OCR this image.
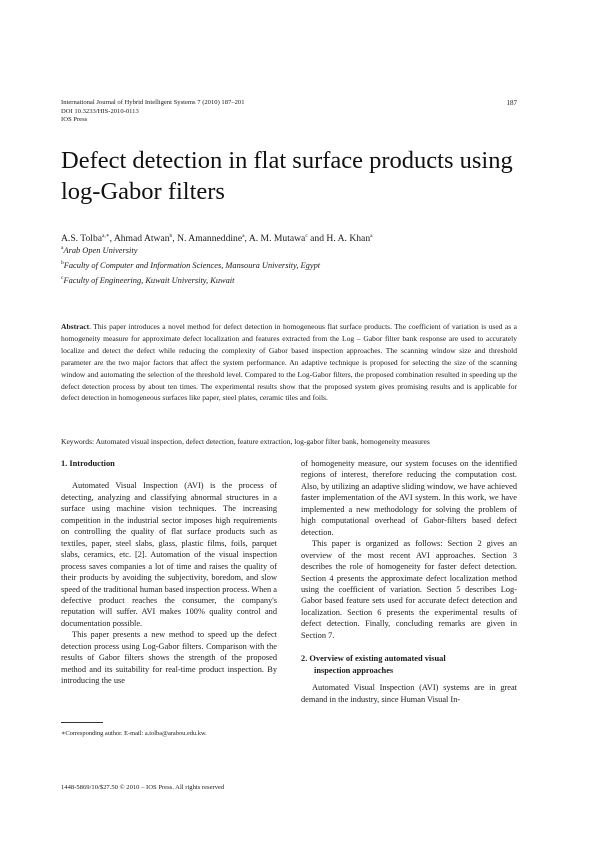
International Journal of Hybrid Intelligent Systems 7 (2010) 187–201
DOI 10.3233/HIS-2010-0113
IOS Press
187
Defect detection in flat surface products using log-Gabor filters
A.S. Tolba$^{a,∗}$, Ahmad Atwan$^b$, N. Amanneddine$^a$, A. M. Mutawa$^c$ and H. A. Khan$^a$
$^a$Arab Open University
$^b$Faculty of Computer and Information Sciences, Mansoura University, Egypt
$^c$Faculty of Engineering, Kuwait University, Kuwait
Abstract. This paper introduces a novel method for defect detection in homogeneous flat surface products. The coefficient of variation is used as a homogeneity measure for approximate defect localization and features extracted from the Log – Gabor filter bank response are used to accurately localize and detect the defect while reducing the complexity of Gabor based inspection approaches. The scanning window size and threshold parameter are the two major factors that affect the system performance. An adaptive technique is proposed for selecting the size of the scanning window and automating the selection of the threshold level. Compared to the Log-Gabor filters, the proposed combination resulted in speeding up the defect detection process by about ten times. The experimental results show that the proposed system gives promising results and is applicable for defect detection in homogeneous surfaces like paper, steel plates, ceramic tiles and foils.
Keywords: Automated visual inspection, defect detection, feature extraction, log-gabor filter bank, homogeneity measures
1. Introduction

Automated Visual Inspection (AVI) is the process of detecting, analyzing and classifying abnormal structures in a surface using machine vision techniques. The increasing competition in the industrial sector imposes high requirements on controlling the quality of flat surface products such as textiles, paper, steel slabs, glass, plastic films, foils, parquet slabs, ceramics, etc. [2]. Automation of the visual inspection process saves companies a lot of time and raises the quality of their products by avoiding the subjectivity, boredom, and slow speed of the traditional human based inspection process. When a defective product reaches the consumer, the company's reputation will suffer. AVI makes 100% quality control and documentation possible.

This paper presents a new method to speed up the defect detection process using Log-Gabor filters. Comparison with the results of Gabor filters shows the strength of the proposed method and its suitability for real-time product inspection. By introducing the use

of homogeneity measure, our system focuses on the identified regions of interest, therefore reducing the computation cost. Also, by utilizing an adaptive sliding window, we have achieved faster implementation of the AVI system. In this work, we have implemented a new methodology for solving the problem of high computational overhead of Gabor-filters based defect detection.

This paper is organized as follows: Section 2 gives an overview of the most recent AVI approaches. Section 3 describes the role of homogeneity for faster defect detection. Section 4 presents the approximate defect localization method using the coefficient of variation. Section 5 describes Log-Gabor based feature sets used for accurate defect detection and localization. Section 6 presents the experimental results of defect detection. Finally, concluding remarks are given in Section 7.

2. Overview of existing automated visual
inspection approaches

Automated Visual Inspection (AVI) systems are in great demand in the industry, since Human Visual In-

∗Corresponding author. E-mail: a.tolba@arabou.edu.kw.
1448-5869/10/$27.50 © 2010 – IOS Press. All rights reserved
